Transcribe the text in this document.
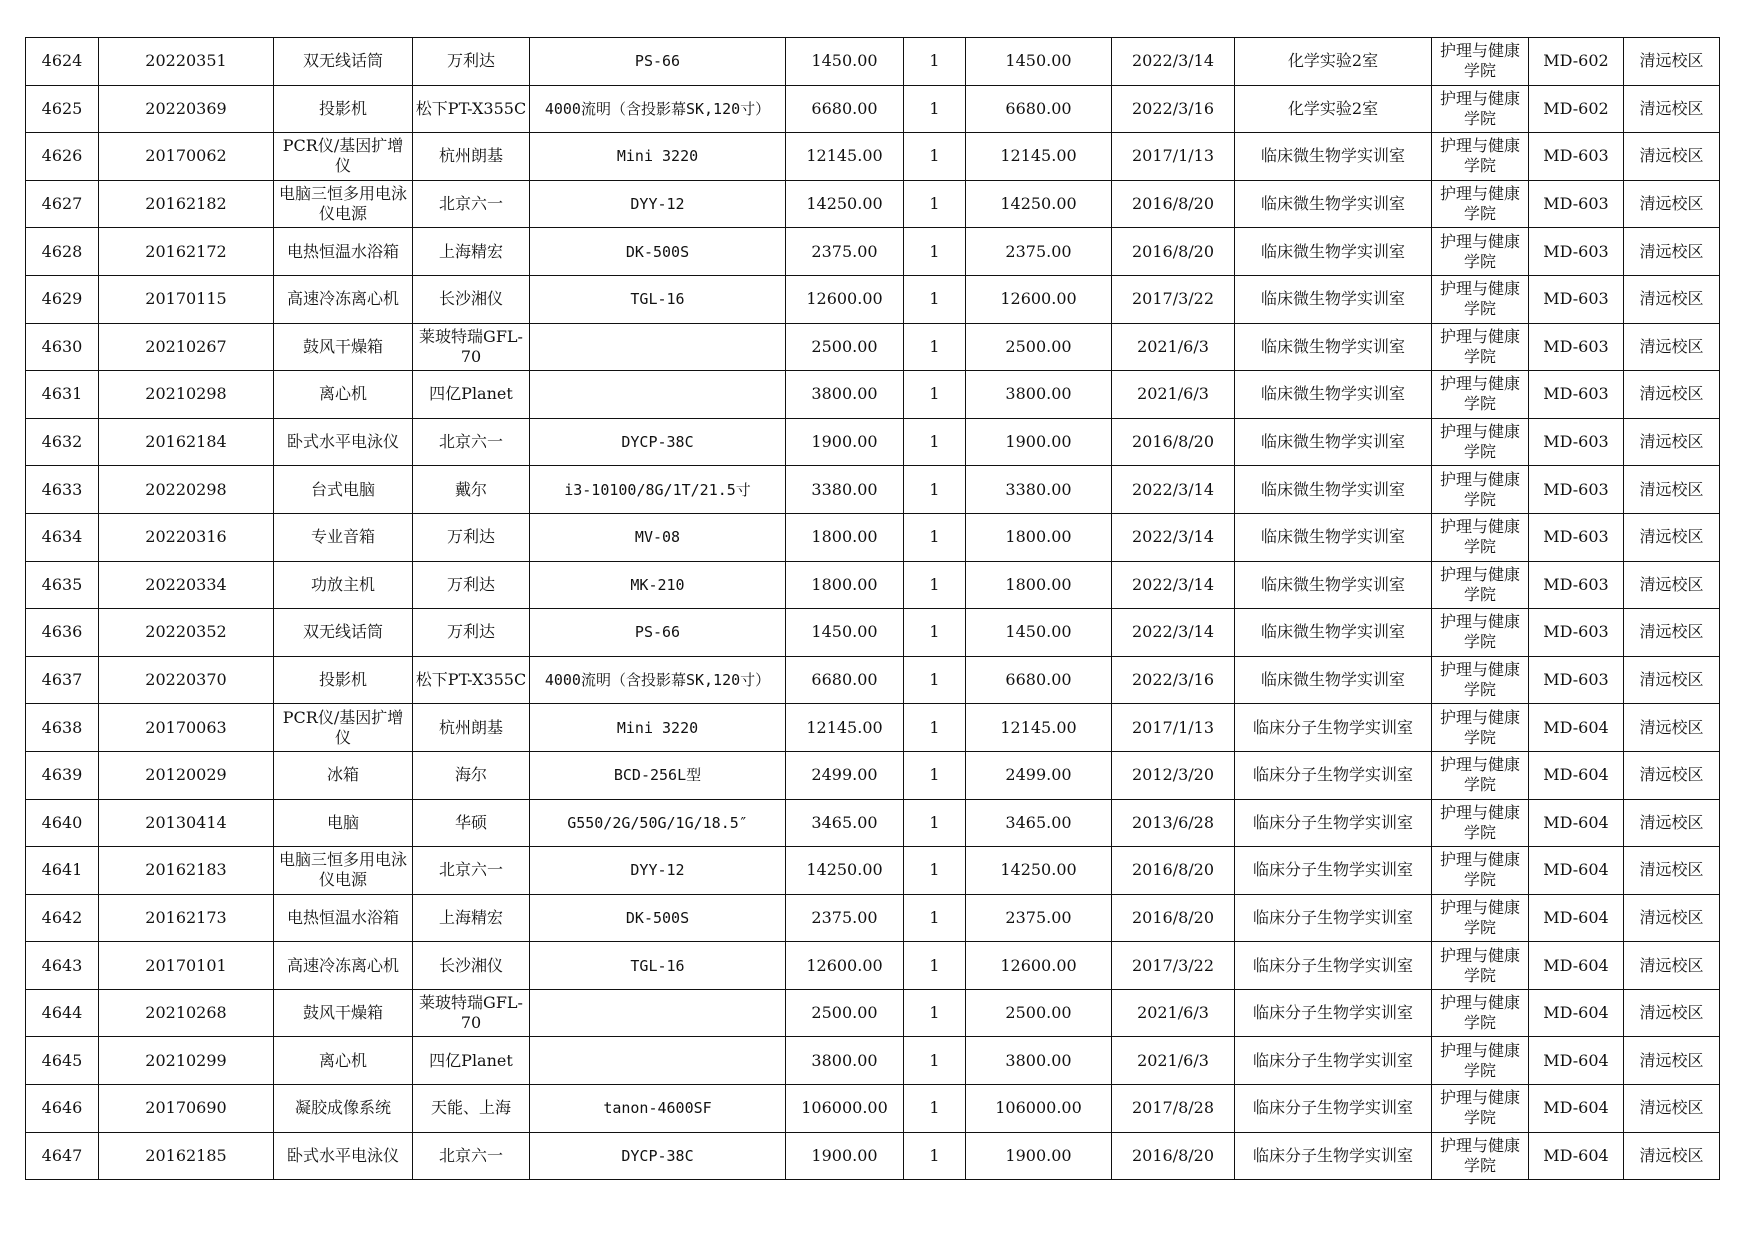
4624	20220351	双无线话筒	万利达	PS-66	1450.00	1	1450.00	2022/3/14	化学实验2室	护理与健康学院	MD-602	清远校区
4625	20220369	投影机	松下PT-X355C	4000流明（含投影幕SK,120寸）	6680.00	1	6680.00	2022/3/16	化学实验2室	护理与健康学院	MD-602	清远校区
4626	20170062	PCR仪/基因扩增仪	杭州朗基	Mini 3220	12145.00	1	12145.00	2017/1/13	临床微生物学实训室	护理与健康学院	MD-603	清远校区
4627	20162182	电脑三恒多用电泳仪电源	北京六一	DYY-12	14250.00	1	14250.00	2016/8/20	临床微生物学实训室	护理与健康学院	MD-603	清远校区
4628	20162172	电热恒温水浴箱	上海精宏	DK-500S	2375.00	1	2375.00	2016/8/20	临床微生物学实训室	护理与健康学院	MD-603	清远校区
4629	20170115	高速冷冻离心机	长沙湘仪	TGL-16	12600.00	1	12600.00	2017/3/22	临床微生物学实训室	护理与健康学院	MD-603	清远校区
4630	20210267	鼓风干燥箱	莱玻特瑞GFL-70		2500.00	1	2500.00	2021/6/3	临床微生物学实训室	护理与健康学院	MD-603	清远校区
4631	20210298	离心机	四亿Planet		3800.00	1	3800.00	2021/6/3	临床微生物学实训室	护理与健康学院	MD-603	清远校区
4632	20162184	卧式水平电泳仪	北京六一	DYCP-38C	1900.00	1	1900.00	2016/8/20	临床微生物学实训室	护理与健康学院	MD-603	清远校区
4633	20220298	台式电脑	戴尔	i3-10100/8G/1T/21.5寸	3380.00	1	3380.00	2022/3/14	临床微生物学实训室	护理与健康学院	MD-603	清远校区
4634	20220316	专业音箱	万利达	MV-08	1800.00	1	1800.00	2022/3/14	临床微生物学实训室	护理与健康学院	MD-603	清远校区
4635	20220334	功放主机	万利达	MK-210	1800.00	1	1800.00	2022/3/14	临床微生物学实训室	护理与健康学院	MD-603	清远校区
4636	20220352	双无线话筒	万利达	PS-66	1450.00	1	1450.00	2022/3/14	临床微生物学实训室	护理与健康学院	MD-603	清远校区
4637	20220370	投影机	松下PT-X355C	4000流明（含投影幕SK,120寸）	6680.00	1	6680.00	2022/3/16	临床微生物学实训室	护理与健康学院	MD-603	清远校区
4638	20170063	PCR仪/基因扩增仪	杭州朗基	Mini 3220	12145.00	1	12145.00	2017/1/13	临床分子生物学实训室	护理与健康学院	MD-604	清远校区
4639	20120029	冰箱	海尔	BCD-256L型	2499.00	1	2499.00	2012/3/20	临床分子生物学实训室	护理与健康学院	MD-604	清远校区
4640	20130414	电脑	华硕	G550/2G/50G/1G/18.5″	3465.00	1	3465.00	2013/6/28	临床分子生物学实训室	护理与健康学院	MD-604	清远校区
4641	20162183	电脑三恒多用电泳仪电源	北京六一	DYY-12	14250.00	1	14250.00	2016/8/20	临床分子生物学实训室	护理与健康学院	MD-604	清远校区
4642	20162173	电热恒温水浴箱	上海精宏	DK-500S	2375.00	1	2375.00	2016/8/20	临床分子生物学实训室	护理与健康学院	MD-604	清远校区
4643	20170101	高速冷冻离心机	长沙湘仪	TGL-16	12600.00	1	12600.00	2017/3/22	临床分子生物学实训室	护理与健康学院	MD-604	清远校区
4644	20210268	鼓风干燥箱	莱玻特瑞GFL-70		2500.00	1	2500.00	2021/6/3	临床分子生物学实训室	护理与健康学院	MD-604	清远校区
4645	20210299	离心机	四亿Planet		3800.00	1	3800.00	2021/6/3	临床分子生物学实训室	护理与健康学院	MD-604	清远校区
4646	20170690	凝胶成像系统	天能、上海	tanon-4600SF	106000.00	1	106000.00	2017/8/28	临床分子生物学实训室	护理与健康学院	MD-604	清远校区
4647	20162185	卧式水平电泳仪	北京六一	DYCP-38C	1900.00	1	1900.00	2016/8/20	临床分子生物学实训室	护理与健康学院	MD-604	清远校区
